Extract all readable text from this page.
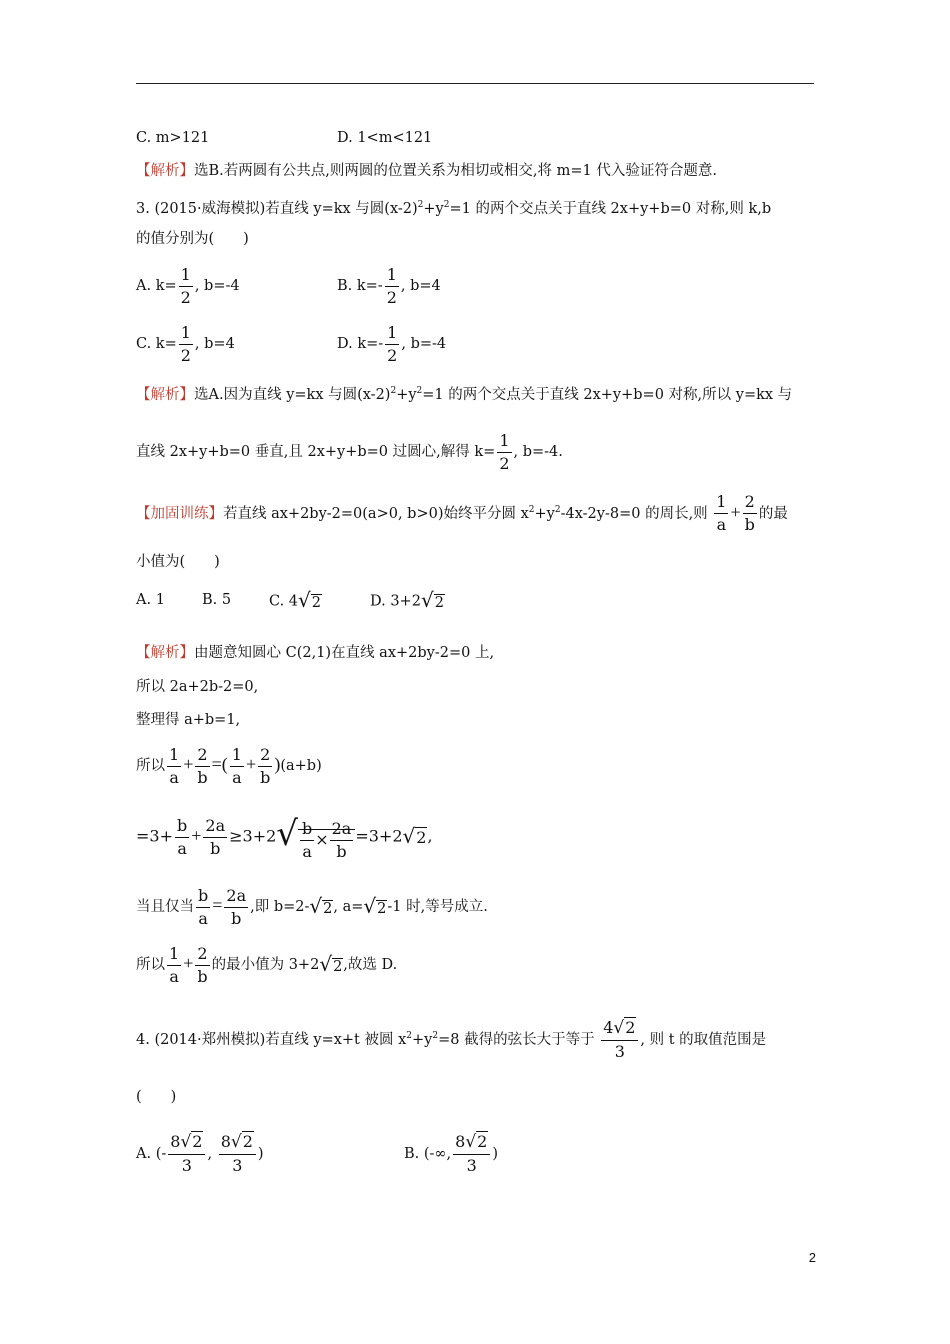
C. m>121	D. 1<m<121
【解析】选B.若两圆有公共点,则两圆的位置关系为相切或相交,将 m=1 代入验证符合题意.
3. (2015·威海模拟)若直线 y=kx 与圆$(x-2)^2+y^2=1$ 的两个交点关于直线 2x+y+b=0 对称,则 k,b
的值分别为(　　)
A. $k= \frac{1}{2}$ , b=-4	B. $k=- \frac{1}{2}$ , b=4
C. $k= \frac{1}{2}$ , b=4	D. $k=- \frac{1}{2}$ , b=-4
【解析】选A.因为直线 y=kx 与圆$(x-2)^2+y^2=1$ 的两个交点关于直线 2x+y+b=0 对称,所以 y=kx 与
直线 2x+y+b=0 垂直,且 2x+y+b=0 过圆心,解得 $k= \frac{1}{2}$ , b=-4.
【加固训练】若直线 ax+2by-2=0(a>0, b>0)始终平分圆 $x^2+y^2-4x-2y-8=0$ 的周长,则 $\frac{1}{a} + \frac{2}{b}$ 的最
小值为(　　)
A. 1	B. 5	C. 4√2	D. 3+2√2
【解析】由题意知圆心 C(2,1)在直线 ax+2by-2=0 上,
所以 2a+2b-2=0,
整理得 a+b=1,
所以 $\frac{1}{a} + \frac{2}{b}$ =( $\frac{1}{a} + \frac{2}{b} )(a+b)$
$=3+ \frac{b}{a} + \frac{2a}{b} \ge 3+2√ \frac{b}{a} \times \frac{2a}{b} =3+2√2$,
当且仅当 $\frac{b}{a} = \frac{2a}{b}$ ,即 b=2-√2, a=√2-1 时,等号成立.
所以 $\frac{1}{a} + \frac{2}{b}$ 的最小值为 3+2√2,故选 D.
4. (2014·郑州模拟)若直线 y=x+t 被圆 $x^2+y^2=8$ 截得的弦长大于等于 $\frac{4√2}{3}$ , 则 t 的取值范围是
(　　)
A. (- $\frac{8√2}{3}$ , $\frac{8√2}{3}$ )	B. (-∞, $\frac{8√2}{3}$ )
2
